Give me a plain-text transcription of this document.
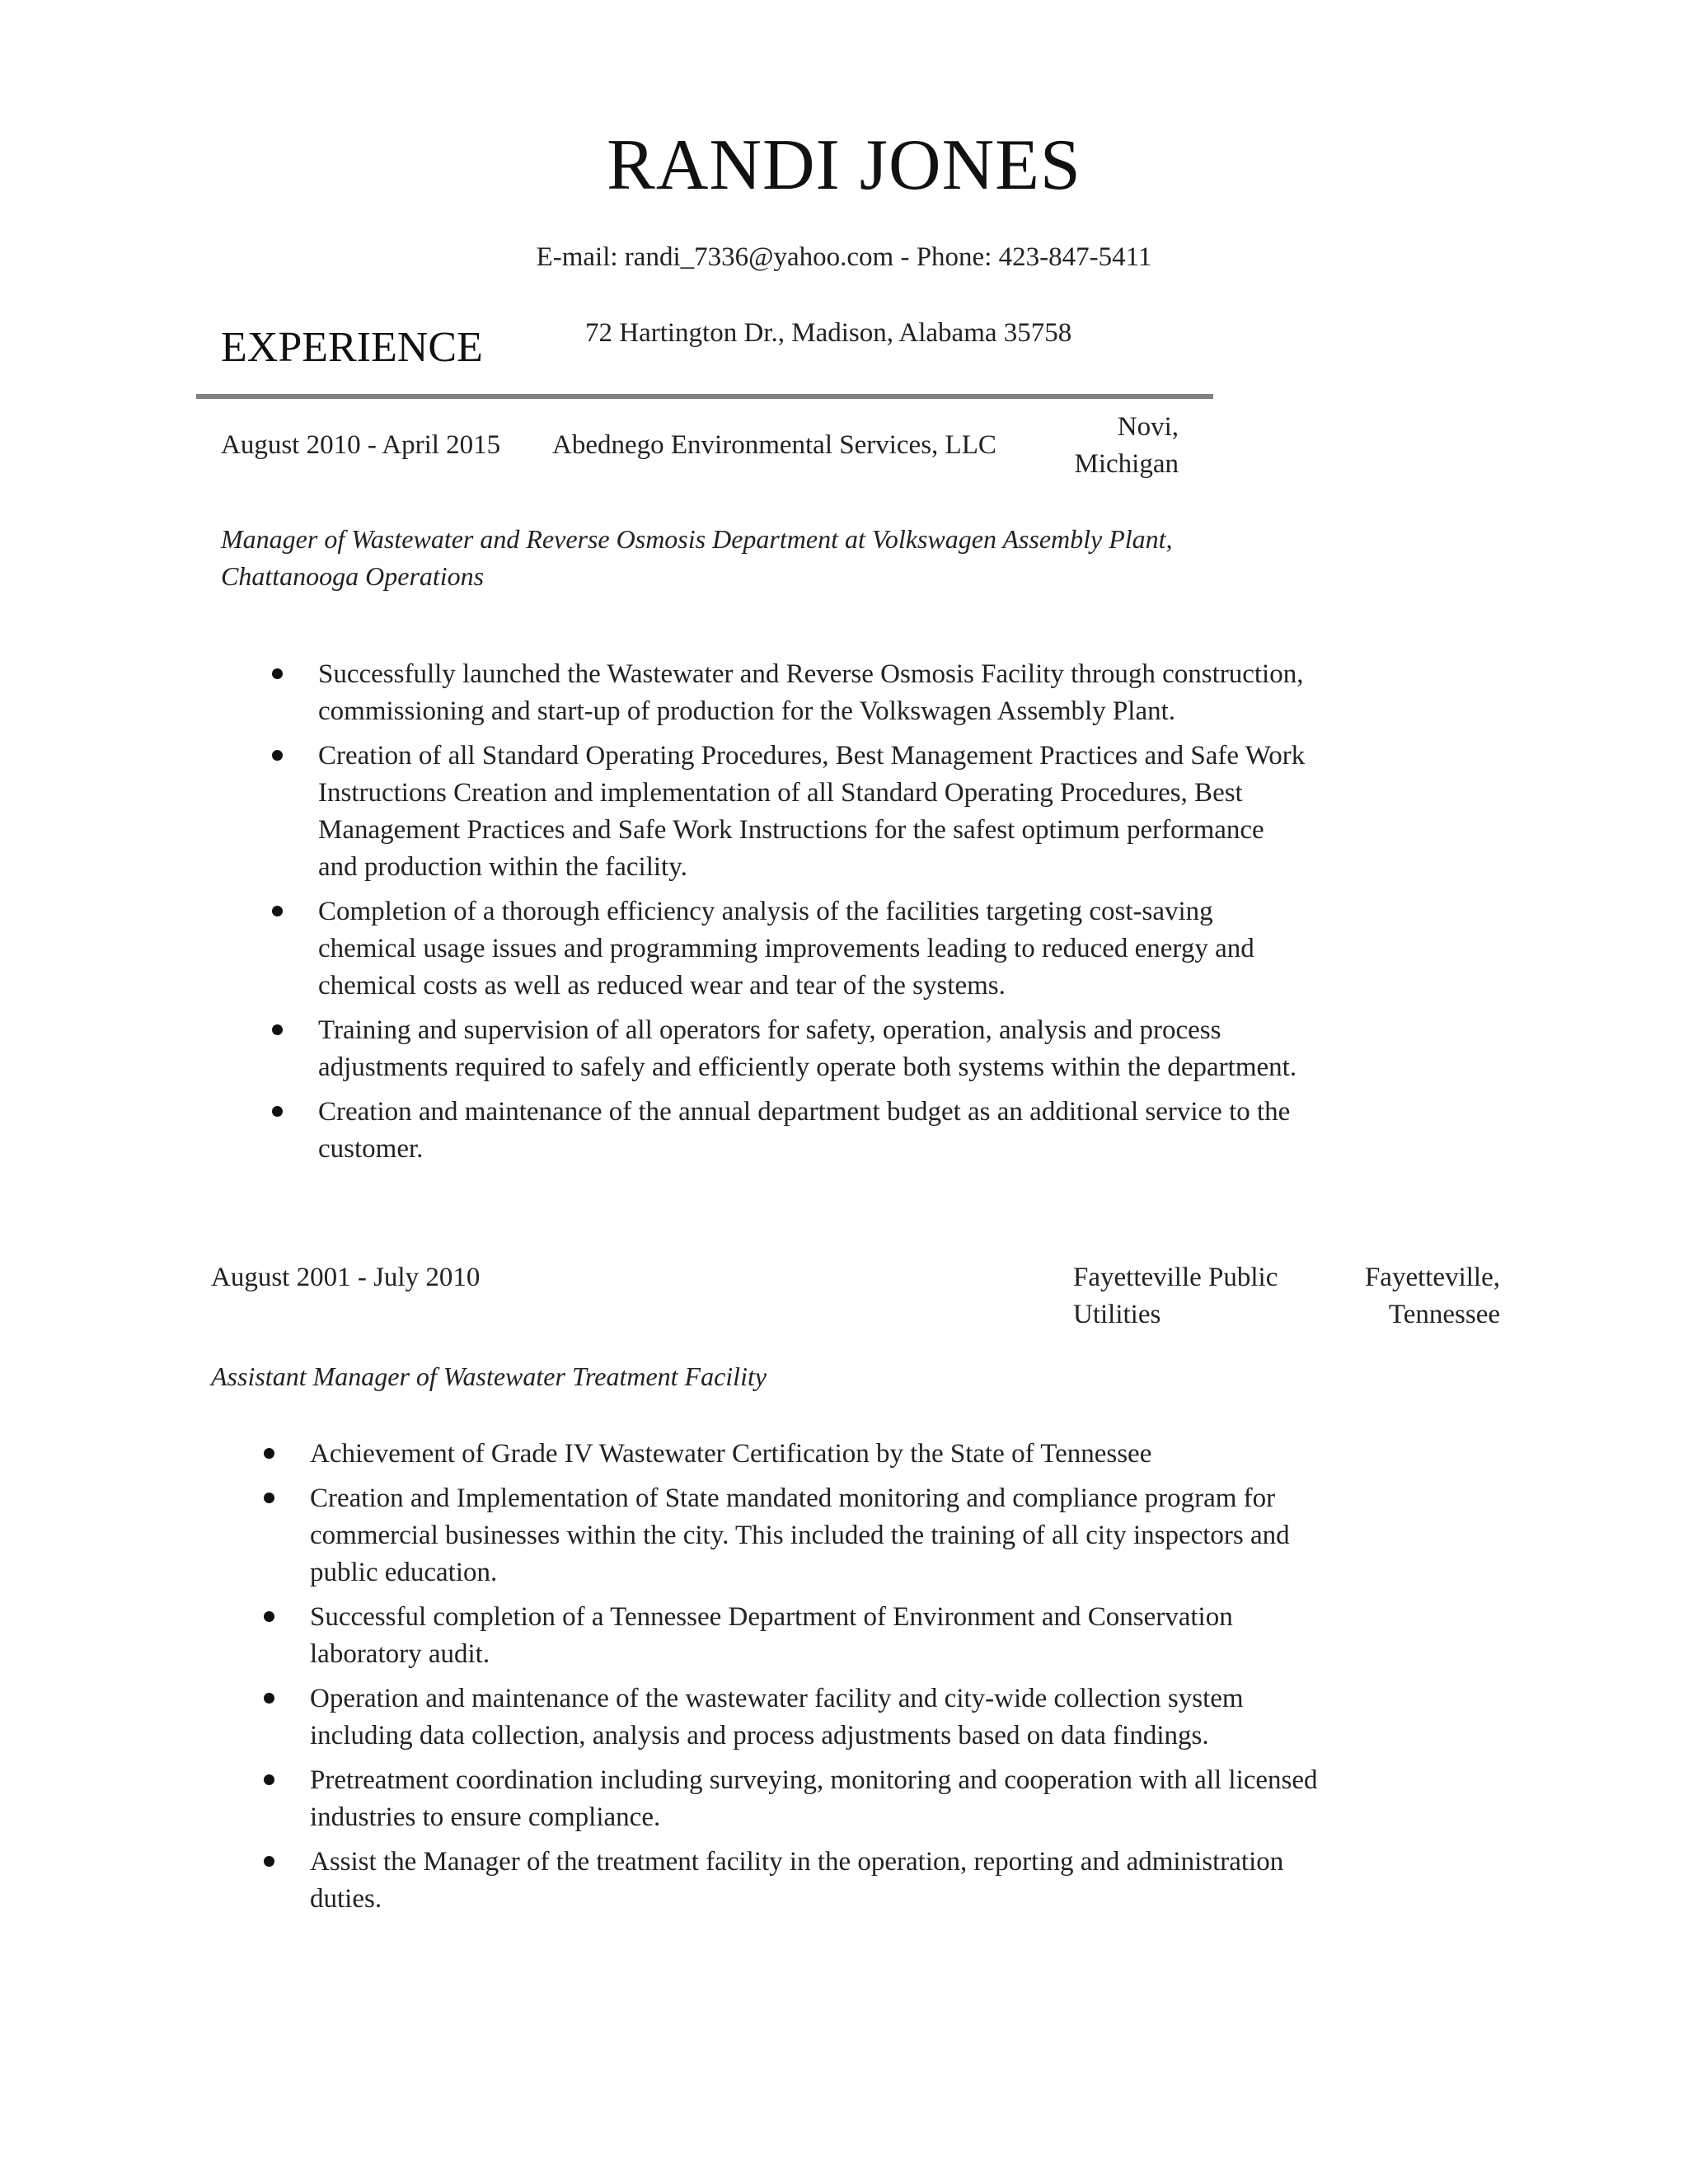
RANDI JONES
E-mail: randi_7336@yahoo.com - Phone: 423-847-5411
72 Hartington Dr., Madison, Alabama 35758
EXPERIENCE
August 2010 - April 2015 Abednego Environmental Services, LLC
Novi, Michigan
Manager of Wastewater and Reverse Osmosis Department at Volkswagen Assembly Plant, Chattanooga Operations
Successfully launched the Wastewater and Reverse Osmosis Facility through construction, commissioning and start-up of production for the Volkswagen Assembly Plant.
Creation of all Standard Operating Procedures, Best Management Practices and Safe Work Instructions Creation and implementation of all Standard Operating Procedures, Best Management Practices and Safe Work Instructions for the safest optimum performance and production within the facility.
Completion of a thorough efficiency analysis of the facilities targeting cost-saving chemical usage issues and programming improvements leading to reduced energy and chemical costs as well as reduced wear and tear of the systems.
Training and supervision of all operators for safety, operation, analysis and process adjustments required to safely and efficiently operate both systems within the department.
Creation and maintenance of the annual department budget as an additional service to the customer.
August 2001 - July 2010	Fayetteville Public Utilities
Fayetteville, Tennessee
Assistant Manager of Wastewater Treatment Facility
Achievement of Grade IV Wastewater Certification by the State of Tennessee
Creation and Implementation of State mandated monitoring and compliance program for commercial businesses within the city. This included the training of all city inspectors and public education.
Successful completion of a Tennessee Department of Environment and Conservation laboratory audit.
Operation and maintenance of the wastewater facility and city-wide collection system including data collection, analysis and process adjustments based on data findings.
Pretreatment coordination including surveying, monitoring and cooperation with all licensed industries to ensure compliance.
Assist the Manager of the treatment facility in the operation, reporting and administration duties.
